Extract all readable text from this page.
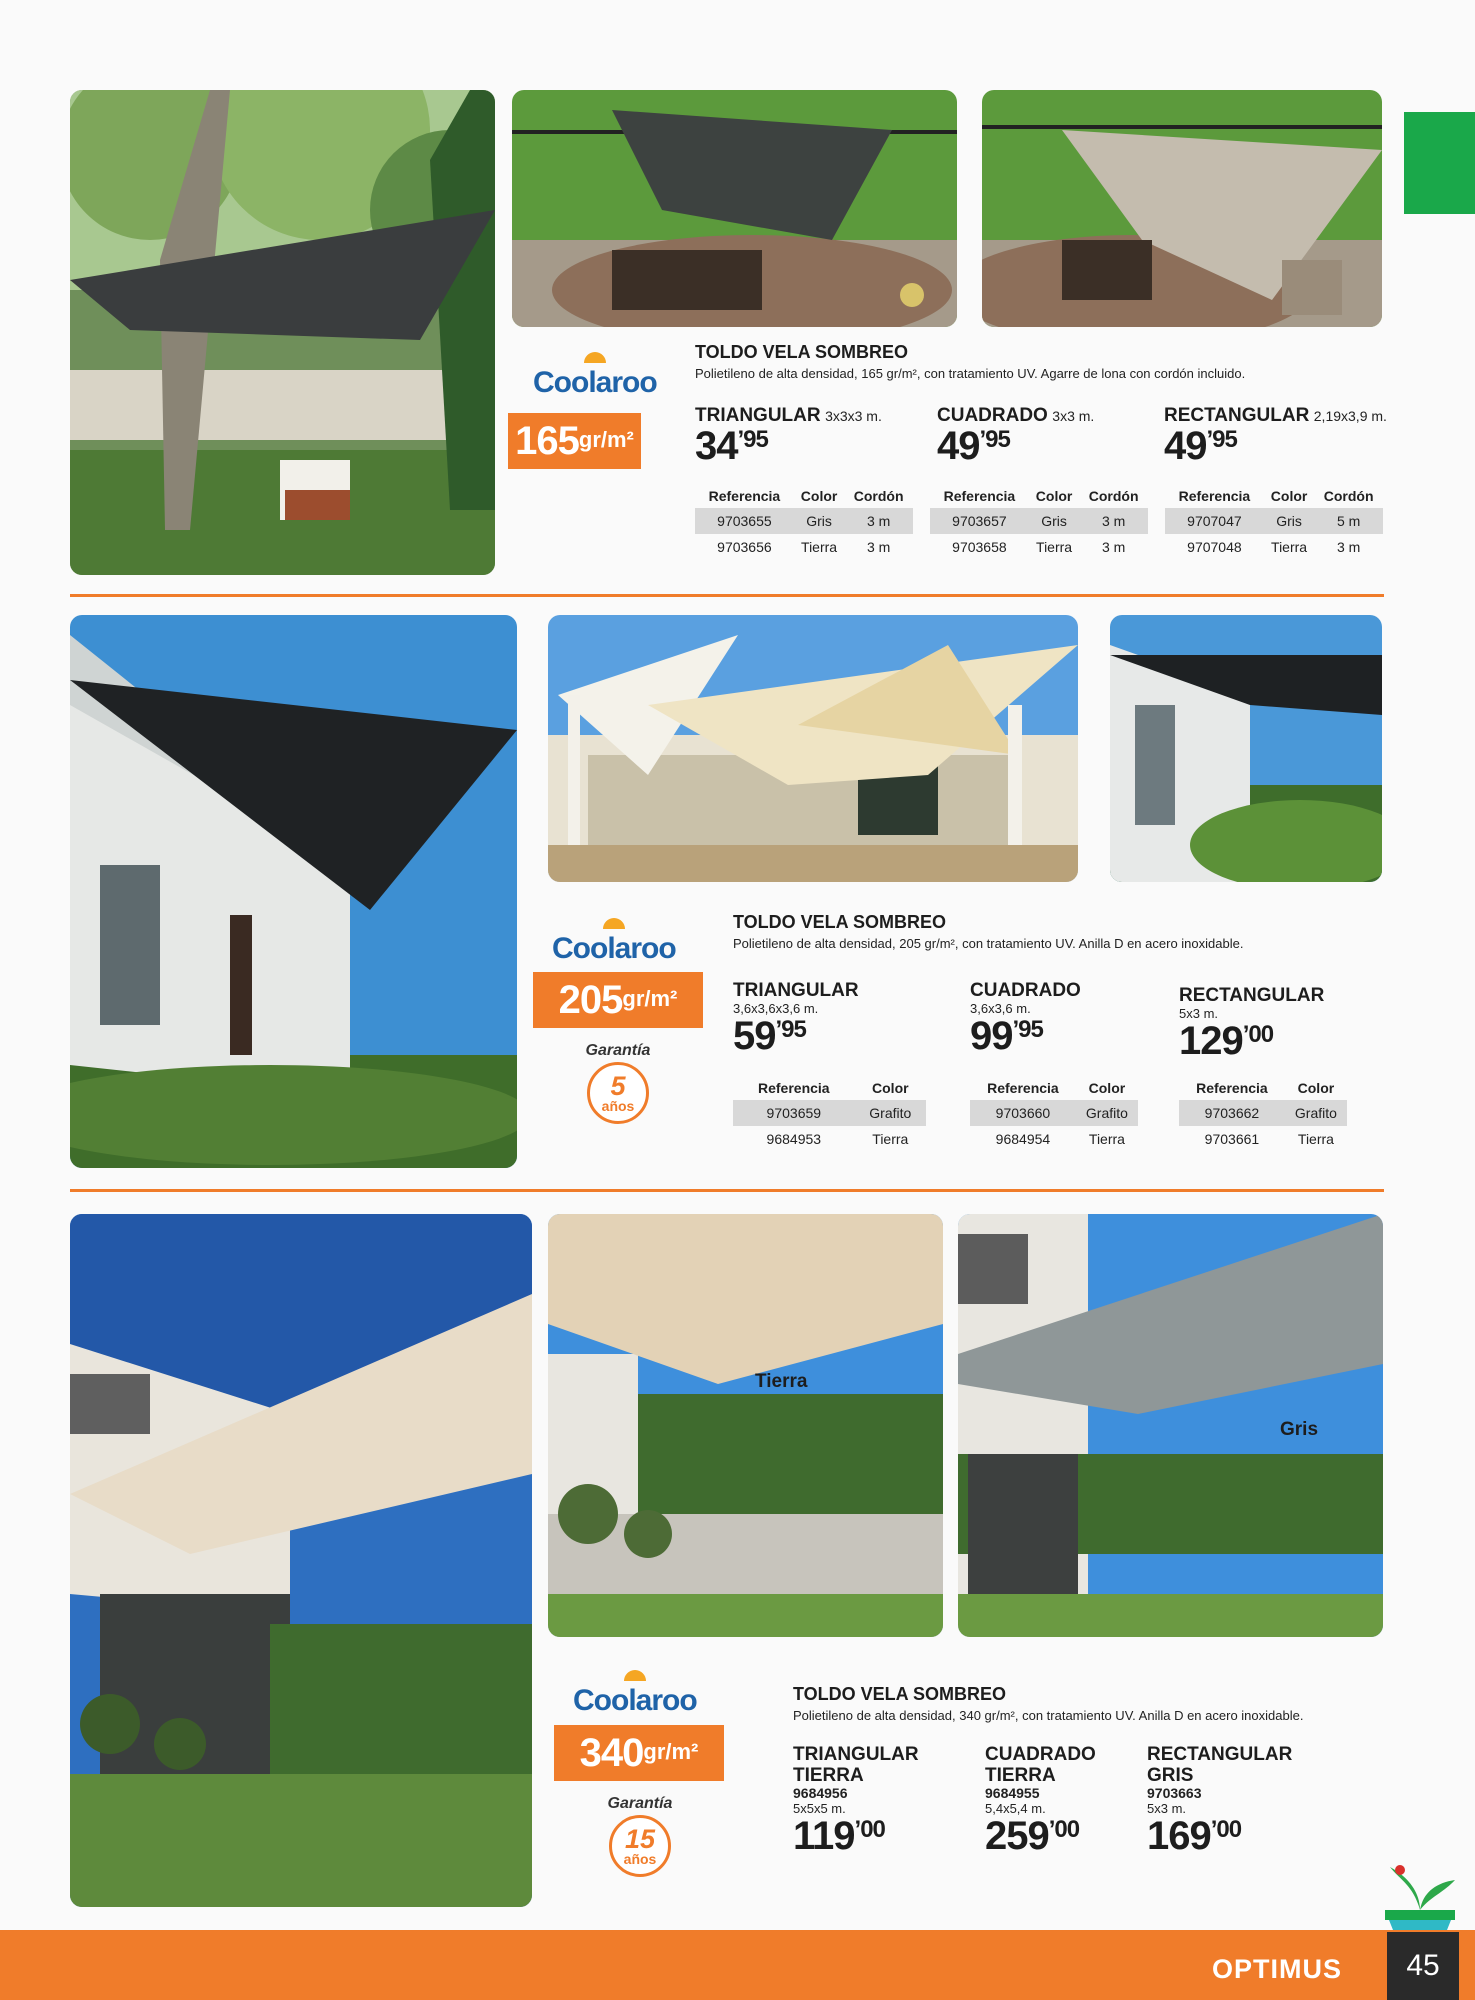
Coolaroo
165 gr/m²
TOLDO VELA SOMBREO
Polietileno de alta densidad, 165 gr/m², con tratamiento UV. Agarre de lona con cordón incluido.
TRIANGULAR 3x3x3 m.
34’95
Referencia	Color	Cordón
9703655	Gris	3 m
9703656	Tierra	3 m
CUADRADO 3x3 m.
49’95
Referencia	Color	Cordón
9703657	Gris	3 m
9703658	Tierra	3 m
RECTANGULAR 2,19x3,9 m.
49’95
Referencia	Color	Cordón
9707047	Gris	5 m
9707048	Tierra	3 m
Coolaroo
205 gr/m²
Garantía
5
años
TOLDO VELA SOMBREO
Polietileno de alta densidad, 205 gr/m², con tratamiento UV. Anilla D en acero inoxidable.
TRIANGULAR
3,6x3,6x3,6 m.
59’95
Referencia	Color
9703659	Grafito
9684953	Tierra
CUADRADO
3,6x3,6 m.
99’95
Referencia	Color
9703660	Grafito
9684954	Tierra
RECTANGULAR
5x3 m.
129’00
Referencia	Color
9703662	Grafito
9703661	Tierra
Tierra
Gris
Coolaroo
340 gr/m²
Garantía
15
años
TOLDO VELA SOMBREO
Polietileno de alta densidad, 340 gr/m², con tratamiento UV. Anilla D en acero inoxidable.
TRIANGULAR
TIERRA
9684956
5x5x5 m.
119’00
CUADRADO
TIERRA
9684955
5,4x5,4 m.
259’00
RECTANGULAR
GRIS
9703663
5x3 m.
169’00
OPTIMUS 45
